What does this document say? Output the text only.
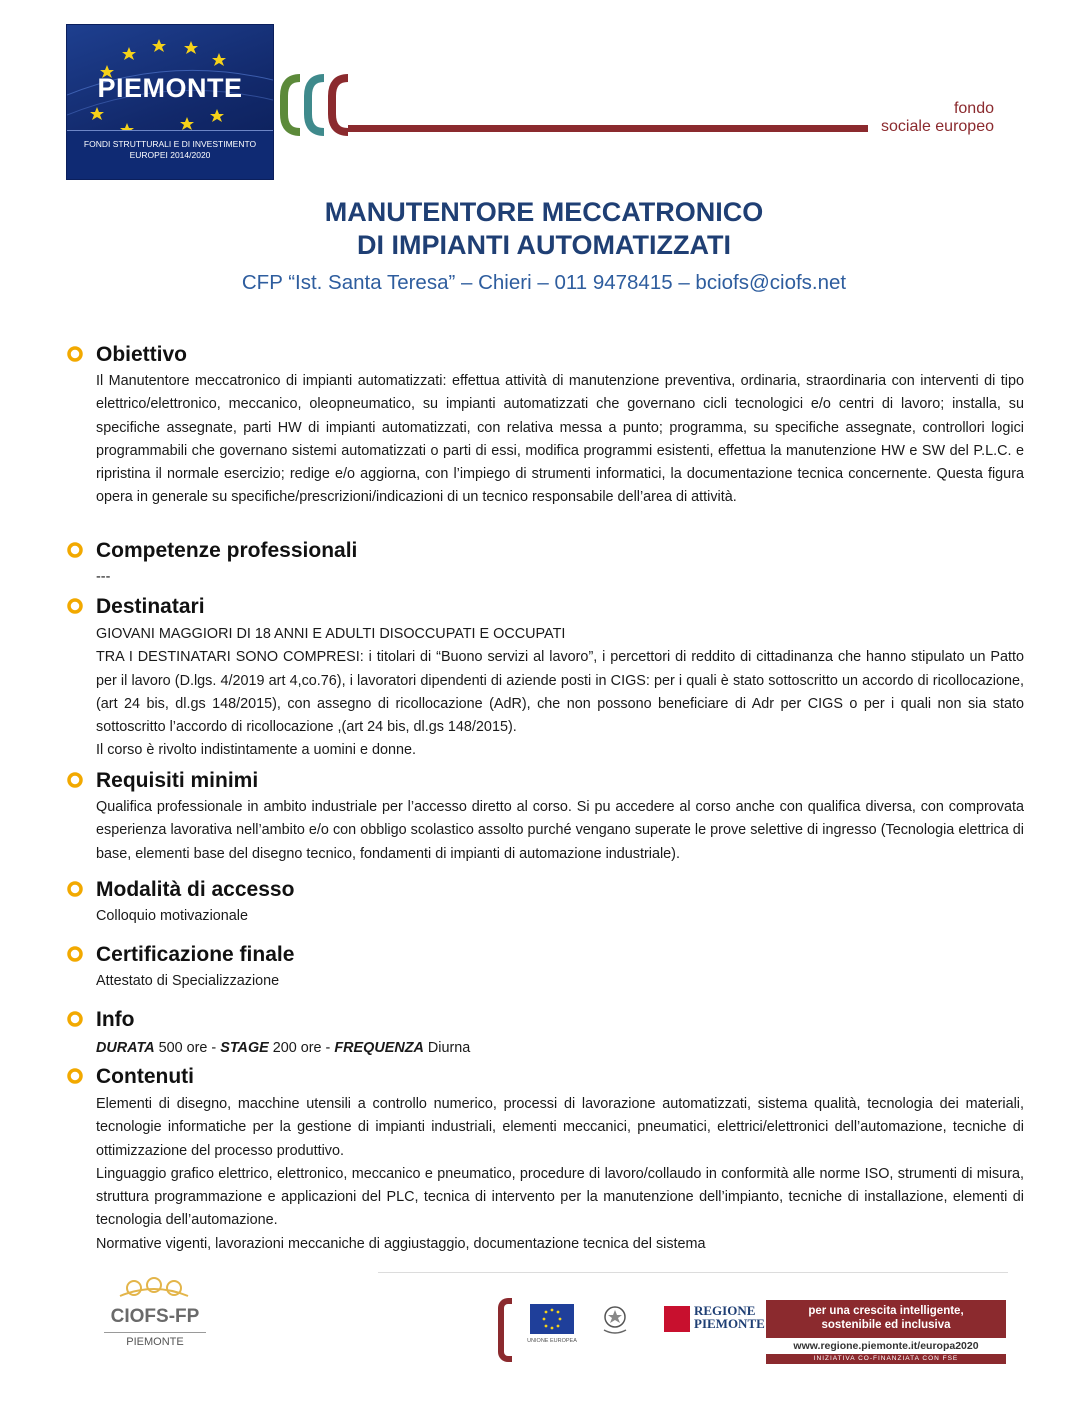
PIEMONTE
FONDI STRUTTURALI E DI INVESTIMENTO
EUROPEI 2014/2020
fondo
sociale europeo
MANUTENTORE MECCATRONICO
DI IMPIANTI AUTOMATIZZATI
CFP “Ist. Santa Teresa” – Chieri – 011 9478415 – bciofs@ciofs.net
Obiettivo

Il Manutentore meccatronico di impianti automatizzati: effettua attività di manutenzione preventiva, ordinaria, straordinaria con interventi di tipo elettrico/elettronico, meccanico, oleopneumatico, su impianti automatizzati che governano cicli tecnologici e/o centri di lavoro; installa, su specifiche assegnate, parti HW di impianti automatizzati, con relativa messa a punto; programma, su specifiche assegnate, controllori logici programmabili che governano sistemi automatizzati o parti di essi, modifica programmi esistenti, effettua la manutenzione HW e SW del P.L.C. e ripristina il normale esercizio; redige e/o aggiorna, con l’impiego di strumenti informatici, la documentazione tecnica concernente. Questa figura opera in generale su specifiche/prescrizioni/indicazioni di un tecnico responsabile dell’area di attività.

Competenze professionali

---

Destinatari

GIOVANI MAGGIORI DI 18 ANNI E ADULTI DISOCCUPATI E OCCUPATI

TRA I DESTINATARI SONO COMPRESI: i titolari di “Buono servizi al lavoro”, i percettori di reddito di cittadinanza che hanno stipulato un Patto per il lavoro (D.lgs. 4/2019 art 4,co.76), i lavoratori dipendenti di aziende posti in CIGS: per i quali è stato sottoscritto un accordo di ricollocazione,(art 24 bis, dl.gs 148/2015), con assegno di ricollocazione (AdR), che non possono beneficiare di Adr per CIGS o per i quali non sia stato sottoscritto l’accordo di ricollocazione ,(art 24 bis, dl.gs 148/2015).

Il corso è rivolto indistintamente a uomini e donne.

Requisiti minimi

Qualifica professionale in ambito industriale per l’accesso diretto al corso. Si pu accedere al corso anche con qualifica diversa, con comprovata esperienza lavorativa nell’ambito e/o con obbligo scolastico assolto purché vengano superate le prove selettive di ingresso (Tecnologia elettrica di base, elementi base del disegno tecnico, fondamenti di impianti di automazione industriale).

Modalità di accesso

Colloquio motivazionale

Certificazione finale

Attestato di Specializzazione

Info

DURATA 500 ore - STAGE 200 ore - FREQUENZA Diurna

Contenuti

Elementi di disegno, macchine utensili a controllo numerico, processi di lavorazione automatizzati, sistema qualità, tecnologia dei materiali, tecnologie informatiche per la gestione di impianti industriali, elementi meccanici, pneumatici, elettrici/elettronici dell’automazione, tecniche di ottimizzazione del processo produttivo.

Linguaggio grafico elettrico, elettronico, meccanico e pneumatico, procedure di lavoro/collaudo in conformità alle norme ISO, strumenti di misura, struttura programmazione e applicazioni del PLC, tecnica di intervento per la manutenzione dell’impianto, tecniche di installazione, elementi di tecnologia dell’automazione.

Normative vigenti, lavorazioni meccaniche di aggiustaggio, documentazione tecnica del sistema

CIOFS-FP
PIEMONTE	UNIONE EUROPEA
REGIONE
PIEMONTE
per una crescita intelligente,
sostenibile ed inclusiva
www.regione.piemonte.it/europa2020
INIZIATIVA CO-FINANZIATA CON FSE
